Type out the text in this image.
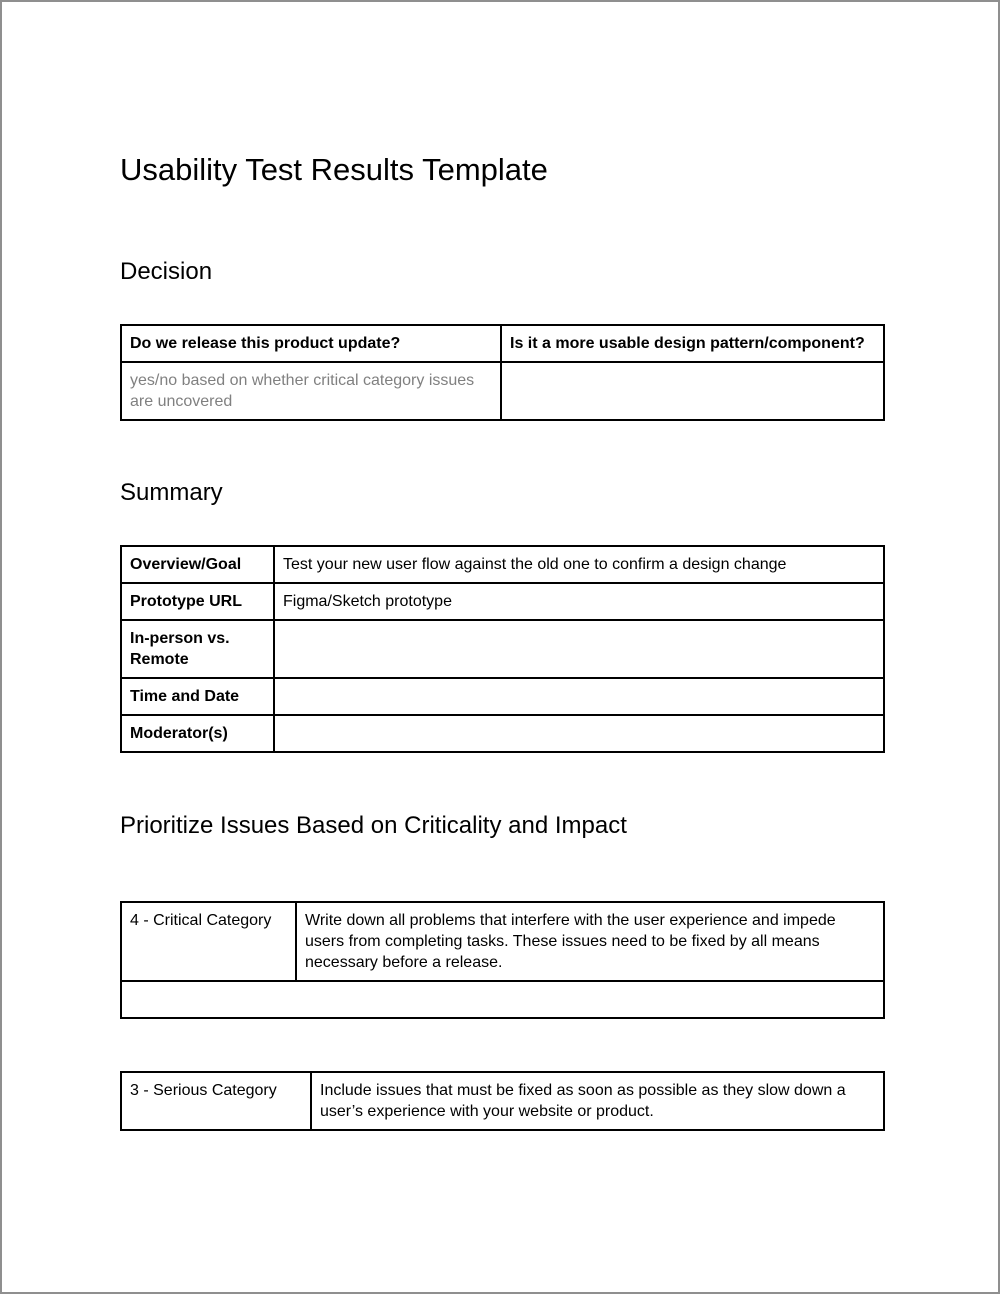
Usability Test Results Template
Decision
Do we release this product update?	Is it a more usable design pattern/component?
yes/no based on whether critical category issues are uncovered	
Summary
Overview/Goal	Test your new user flow against the old one to confirm a design change
Prototype URL	Figma/Sketch prototype
In-person vs. Remote	
Time and Date	
Moderator(s)	
Prioritize Issues Based on Criticality and Impact
4 - Critical Category	Write down all problems that interfere with the user experience and impede users from completing tasks. These issues need to be fixed by all means necessary before a release.

3 - Serious Category	Include issues that must be fixed as soon as possible as they slow down a user’s experience with your website or product.
